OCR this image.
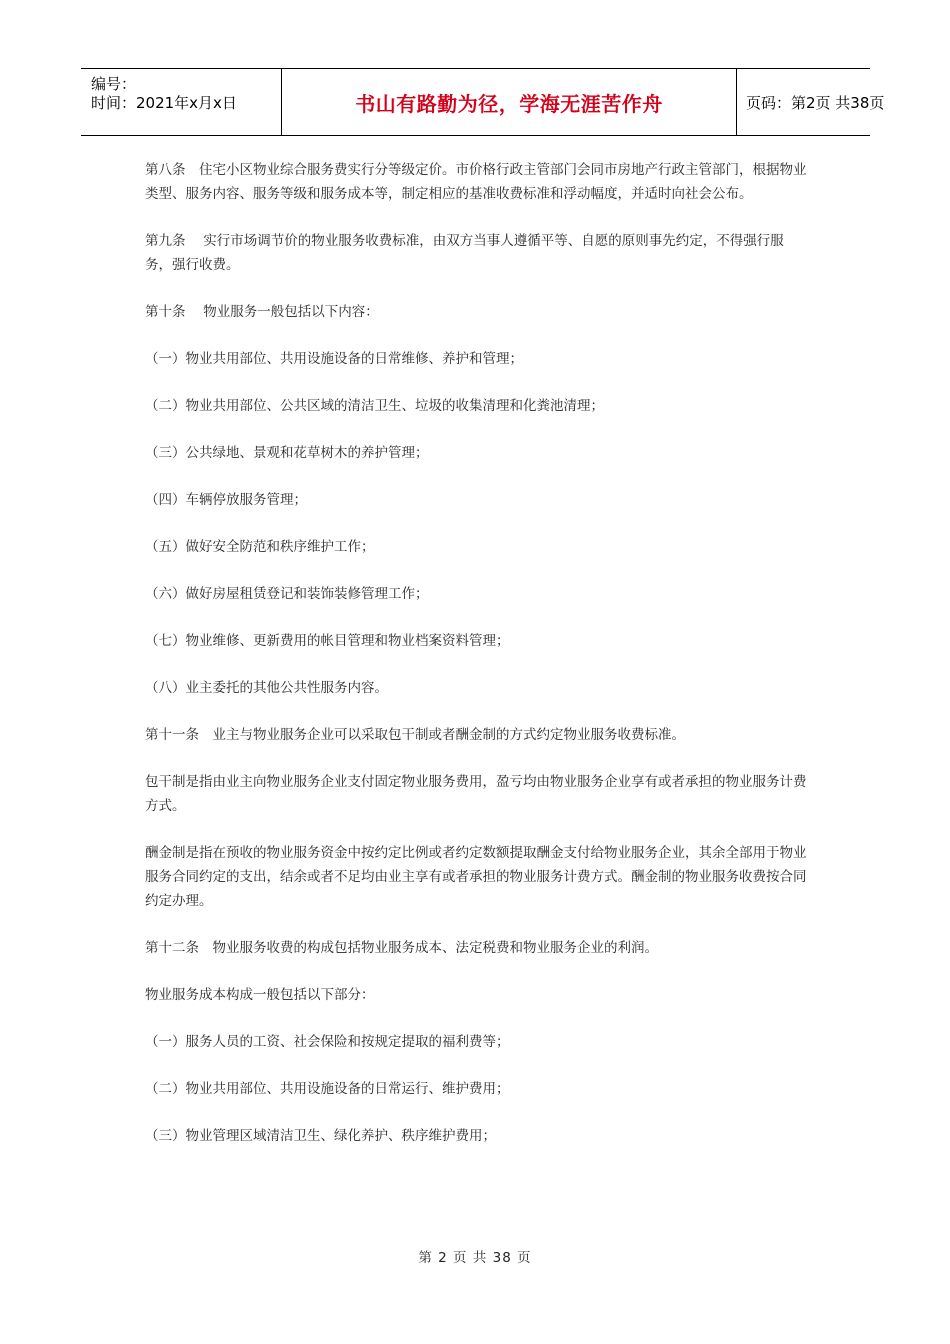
编号：
时间：2021年x月x日	书山有路勤为径，学海无涯苦作舟	页码：第2页 共38页

第八条　住宅小区物业综合服务费实行分等级定价。市价格行政主管部门会同市房地产行政主管部门，根据物业类型、服务内容、服务等级和服务成本等，制定相应的基准收费标准和浮动幅度，并适时向社会公布。

第九条　 实行市场调节价的物业服务收费标准，由双方当事人遵循平等、自愿的原则事先约定，不得强行服务，强行收费。

第十条　 物业服务一般包括以下内容：

（一）物业共用部位、共用设施设备的日常维修、养护和管理；

（二）物业共用部位、公共区域的清洁卫生、垃圾的收集清理和化粪池清理；

（三）公共绿地、景观和花草树木的养护管理；

（四）车辆停放服务管理；

（五）做好安全防范和秩序维护工作；

（六）做好房屋租赁登记和装饰装修管理工作；

（七）物业维修、更新费用的帐目管理和物业档案资料管理；

（八）业主委托的其他公共性服务内容。

第十一条　业主与物业服务企业可以采取包干制或者酬金制的方式约定物业服务收费标准。

包干制是指由业主向物业服务企业支付固定物业服务费用，盈亏均由物业服务企业享有或者承担的物业服务计费方式。

酬金制是指在预收的物业服务资金中按约定比例或者约定数额提取酬金支付给物业服务企业，其余全部用于物业服务合同约定的支出，结余或者不足均由业主享有或者承担的物业服务计费方式。酬金制的物业服务收费按合同约定办理。

第十二条　物业服务收费的构成包括物业服务成本、法定税费和物业服务企业的利润。

物业服务成本构成一般包括以下部分：

（一）服务人员的工资、社会保险和按规定提取的福利费等；

（二）物业共用部位、共用设施设备的日常运行、维护费用；

（三）物业管理区域清洁卫生、绿化养护、秩序维护费用；

第 2 页 共 38 页
